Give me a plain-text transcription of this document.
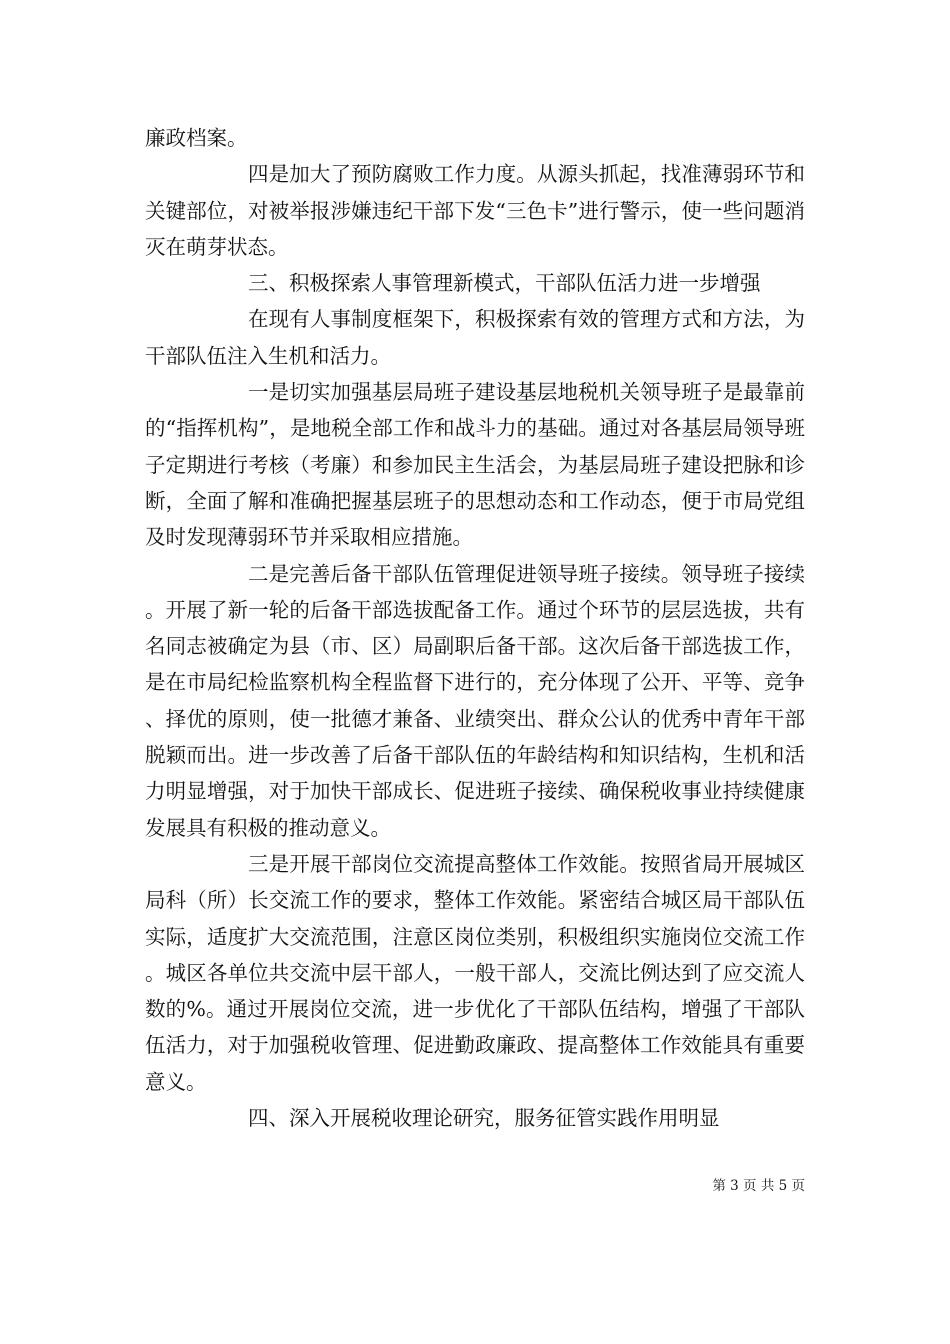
廉政档案。

四是加大了预防腐败工作力度。从源头抓起，找准薄弱环节和关键部位，对被举报涉嫌违纪干部下发“三色卡”进行警示，使一些问题消灭在萌芽状态。

三、积极探索人事管理新模式，干部队伍活力进一步增强

在现有人事制度框架下，积极探索有效的管理方式和方法，为干部队伍注入生机和活力。

一是切实加强基层局班子建设基层地税机关领导班子是最靠前的“指挥机构”，是地税全部工作和战斗力的基础。通过对各基层局领导班子定期进行考核（考廉）和参加民主生活会，为基层局班子建设把脉和诊断，全面了解和准确把握基层班子的思想动态和工作动态，便于市局党组及时发现薄弱环节并采取相应措施。

二是完善后备干部队伍管理促进领导班子接续。领导班子接续。开展了新一轮的后备干部选拔配备工作。通过个环节的层层选拔，共有名同志被确定为县（市、区）局副职后备干部。这次后备干部选拔工作，是在市局纪检监察机构全程监督下进行的，充分体现了公开、平等、竞争、择优的原则，使一批德才兼备、业绩突出、群众公认的优秀中青年干部脱颖而出。进一步改善了后备干部队伍的年龄结构和知识结构，生机和活力明显增强，对于加快干部成长、促进班子接续、确保税收事业持续健康发展具有积极的推动意义。

三是开展干部岗位交流提高整体工作效能。按照省局开展城区局科（所）长交流工作的要求，整体工作效能。紧密结合城区局干部队伍实际，适度扩大交流范围，注意区岗位类别，积极组织实施岗位交流工作。城区各单位共交流中层干部人，一般干部人，交流比例达到了应交流人数的%。通过开展岗位交流，进一步优化了干部队伍结构，增强了干部队伍活力，对于加强税收管理、促进勤政廉政、提高整体工作效能具有重要意义。

四、深入开展税收理论研究，服务征管实践作用明显

第 3 页 共 5 页
